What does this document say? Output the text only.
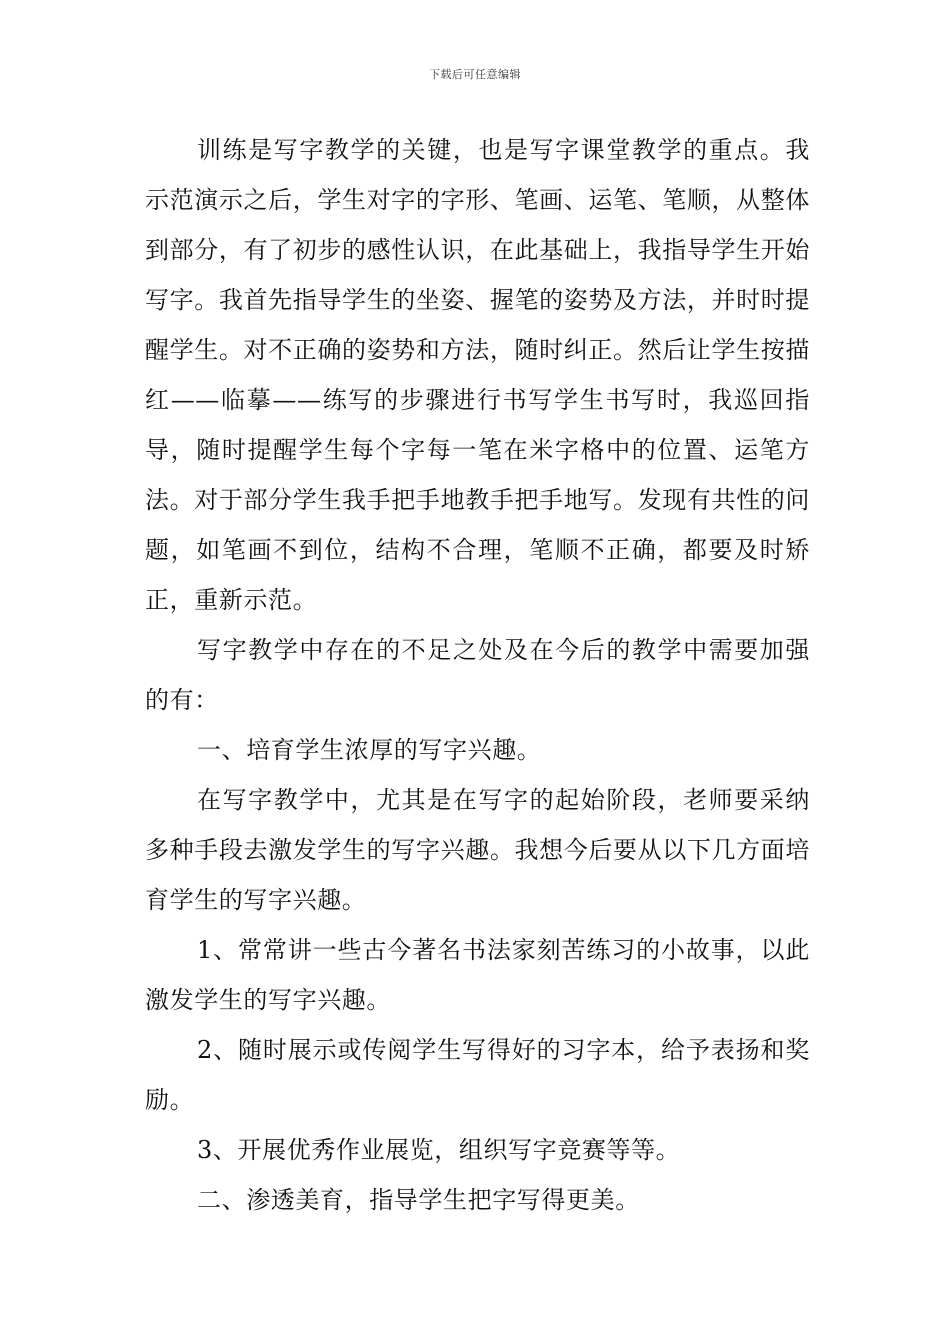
下载后可任意编辑

训练是写字教学的关键，也是写字课堂教学的重点。我示范演示之后，学生对字的字形、笔画、运笔、笔顺，从整体到部分，有了初步的感性认识，在此基础上，我指导学生开始写字。我首先指导学生的坐姿、握笔的姿势及方法，并时时提醒学生。对不正确的姿势和方法，随时纠正。然后让学生按描红——临摹——练写的步骤进行书写学生书写时，我巡回指导，随时提醒学生每个字每一笔在米字格中的位置、运笔方法。对于部分学生我手把手地教手把手地写。发现有共性的问题，如笔画不到位，结构不合理，笔顺不正确，都要及时矫正，重新示范。

写字教学中存在的不足之处及在今后的教学中需要加强的有：

一、培育学生浓厚的写字兴趣。

在写字教学中，尤其是在写字的起始阶段，老师要采纳多种手段去激发学生的写字兴趣。我想今后要从以下几方面培育学生的写字兴趣。

1、常常讲一些古今著名书法家刻苦练习的小故事，以此激发学生的写字兴趣。

2、随时展示或传阅学生写得好的习字本，给予表扬和奖励。

3、开展优秀作业展览，组织写字竞赛等等。

二、渗透美育，指导学生把字写得更美。
